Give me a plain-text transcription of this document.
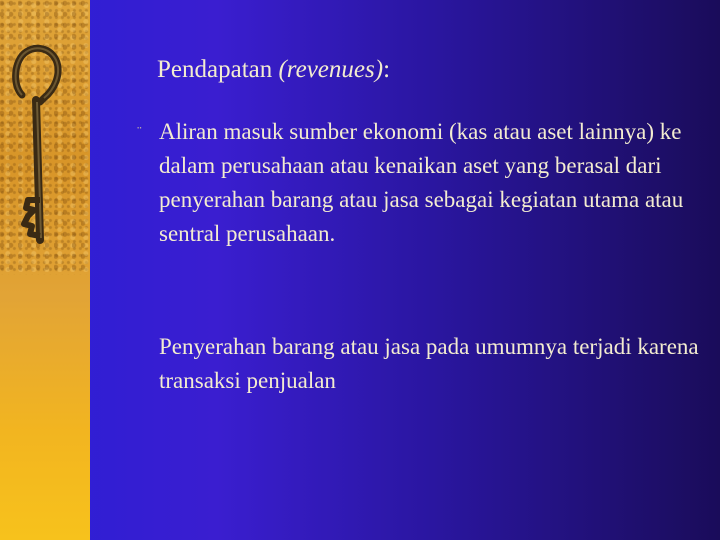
Pendapatan (revenues):
¨ Aliran masuk sumber ekonomi (kas atau aset lainnya) ke dalam perusahaan atau kenaikan aset yang berasal dari penyerahan barang atau jasa sebagai kegiatan utama atau sentral perusahaan.

Penyerahan barang atau jasa pada umumnya terjadi karena transaksi penjualan
